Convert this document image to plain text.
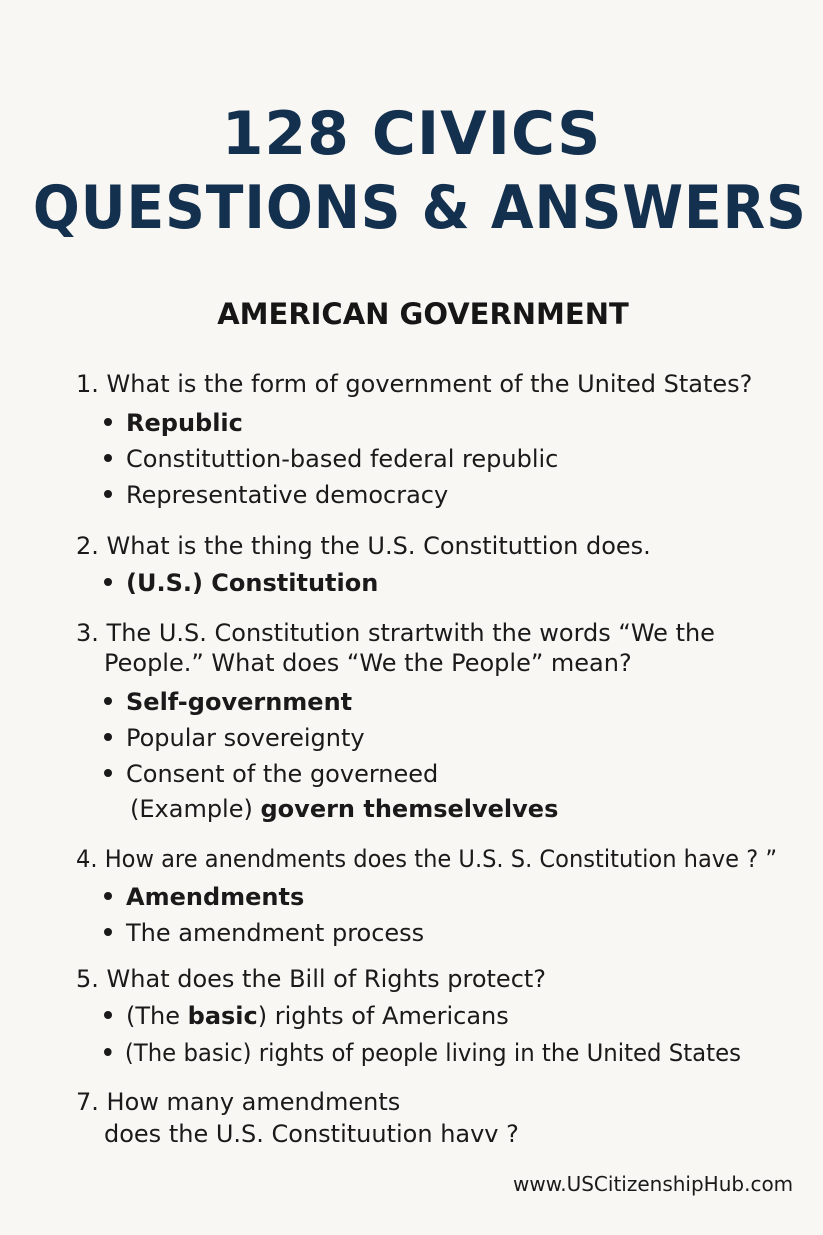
128 CIVICS
QUESTIONS & ANSWERS
AMERICAN GOVERNMENT
1. What is the form of government of the United States?
Republic
Constituttion-based federal republic
Representative democracy
2. What is the thing the U.S. Constituttion does.
(U.S.) Constitution
3. The U.S. Constitution strartwith the words “We the
People.” What does “We the People” mean?
Self-government
Popular sovereignty
Consent of the governeed
(Example) govern themselvelves
4. How are anendments does the U.S. S. Constitution have ? ”
Amendments
The amendment process
5. What does the Bill of Rights protect?
(The basic) rights of Americans
(The basic) rights of people living in the United States
7. How many amendments
does the U.S. Constituution havv ?
www.USCitizenshipHub.com
